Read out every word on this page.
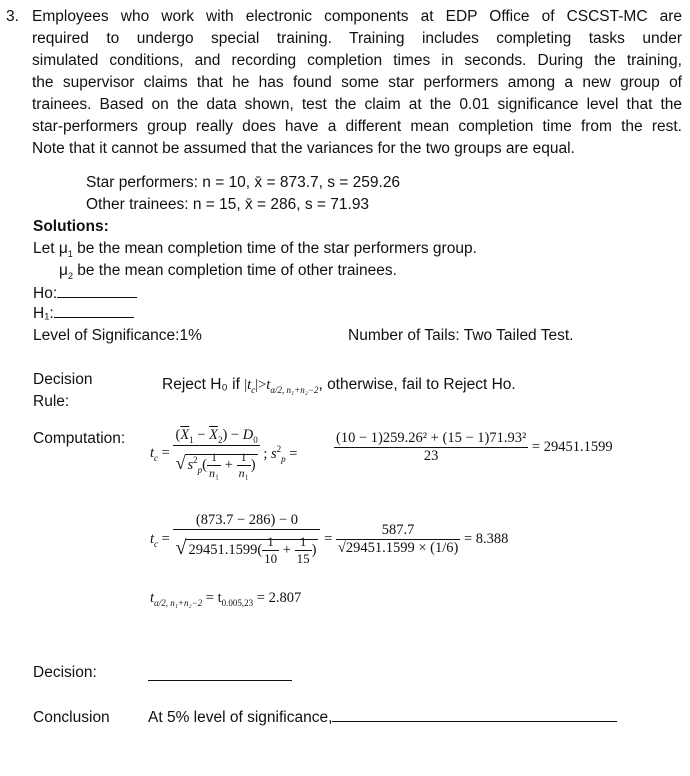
3. Employees who work with electronic components at EDP Office of CSCST-MC are
required to undergo special training. Training includes completing tasks under
simulated conditions, and recording completion times in seconds. During the training,
the supervisor claims that he has found some star performers among a new group of
trainees. Based on the data shown, test the claim at the 0.01 significance level that the
star-performers group really does have a different mean completion time from the rest.
Note that it cannot be assumed that the variances for the two groups are equal.
Star performers: n = 10, x̄ = 873.7, s = 259.26
Other trainees: n = 15, x̄ = 286, s = 71.93
Solutions:
Let $\mu_1$ be the mean completion time of the star performers group.
$\mu_2$ be the mean completion time of other trainees.
Ho:
H₁:
Level of Significance:1%	Number of Tails: Two Tailed Test.
Decision
Rule:
Reject H₀ if $|t_c|>t_{\alpha/2, n_1+n_2-2}$, otherwise, fail to Reject Ho.
Computation:
$t_c = \frac{(\overline{X}_1 - \overline{X}_2) - D_0}{√ s^2_p( \frac{1}{\text{n₁}} + \frac{1}{\text{n₁}} )}$ ; $s^2_p$ =	$\frac{\text{(10 − 1)259.26² + (15 − 1)71.93²}}{23} = 29451.1599$
$t_c = \frac{(873.7 - 286) - 0}{√ 29451.1599( \frac{1}{10} + \frac{1}{15} )} = \frac{587.7}{√29451.1599 \times (1/6)} = 8.388$
$t_{\alpha/2, n_1+n_2-2} = t_{0.005,23} = 2.807$
Decision:
Conclusion At 5% level of significance,
